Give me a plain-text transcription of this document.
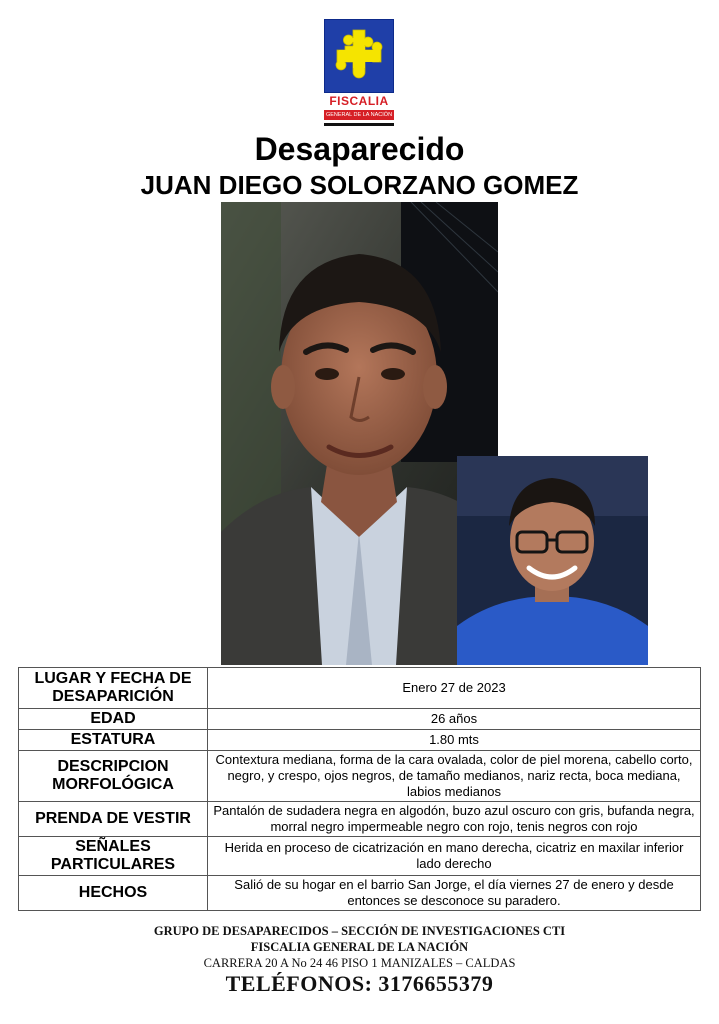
FISCALIA
GENERAL DE LA NACIÓN
Desaparecido
JUAN DIEGO SOLORZANO GOMEZ
LUGAR Y FECHA DE DESAPARICIÓN	Enero 27 de 2023
EDAD	26 años
ESTATURA	1.80 mts
DESCRIPCION MORFOLÓGICA	Contextura mediana, forma de la cara ovalada, color de piel morena, cabello corto, negro, y crespo, ojos negros, de tamaño medianos, nariz recta, boca mediana, labios medianos
PRENDA DE VESTIR	Pantalón de sudadera negra en algodón, buzo azul oscuro con gris, bufanda negra, morral negro impermeable negro con rojo, tenis negros con rojo
SEÑALES PARTICULARES	Herida en proceso de cicatrización en mano derecha, cicatriz en maxilar inferior lado derecho
HECHOS	Salió de su hogar en el barrio San Jorge, el día viernes 27 de enero y desde entonces se desconoce su paradero.
GRUPO DE DESAPARECIDOS – SECCIÓN DE INVESTIGACIONES CTI
FISCALIA GENERAL DE LA NACIÓN
CARRERA 20 A No 24 46 PISO 1 MANIZALES – CALDAS
TELÉFONOS: 3176655379
